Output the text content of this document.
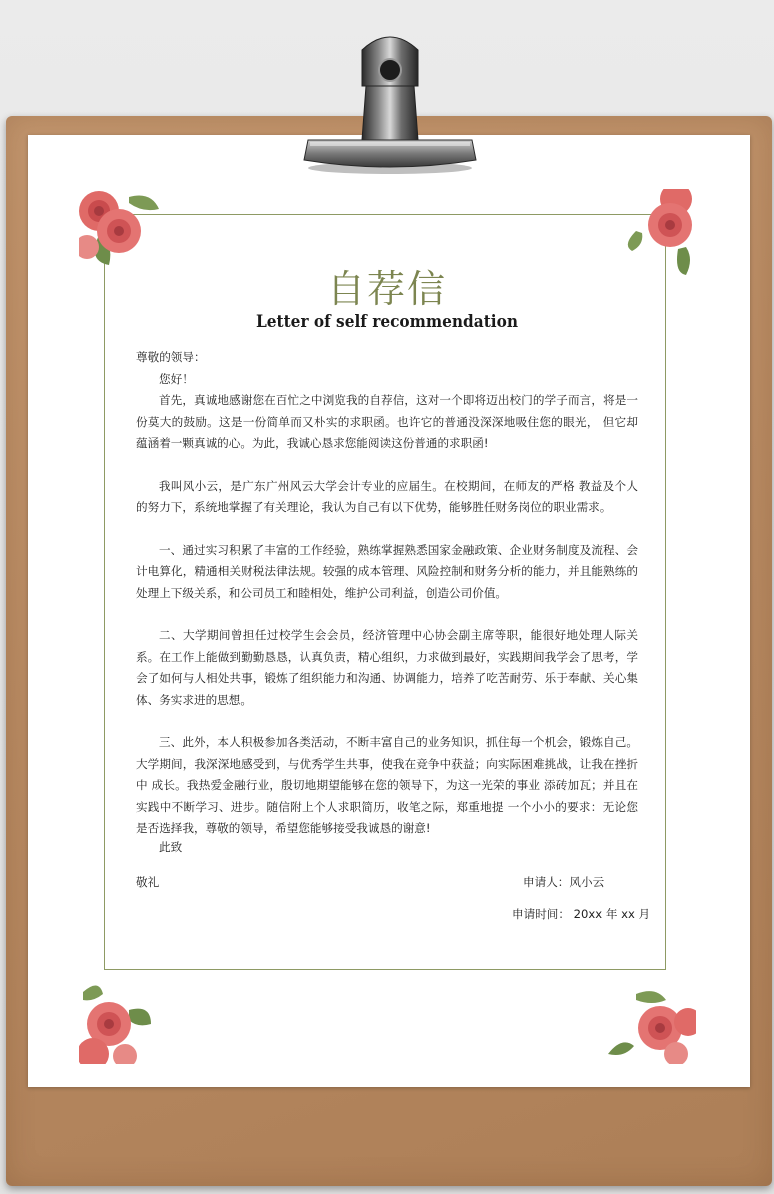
自荐信
Letter of self recommendation

尊敬的领导：

您好！

首先，真诚地感谢您在百忙之中浏览我的自荐信，这对一个即将迈出校门的学子而言，将是一份莫大的鼓励。这是一份简单而又朴实的求职函。也许它的普通没深深地吸住您的眼光， 但它却蕴涵着一颗真诚的心。为此，我诚心恳求您能阅读这份普通的求职函!

我叫风小云，是广东广州风云大学会计专业的应届生。在校期间，在师友的严格 教益及个人的努力下，系统地掌握了有关理论，我认为自己有以下优势，能够胜任财务岗位的职业需求。

一、通过实习积累了丰富的工作经验，熟练掌握熟悉国家金融政策、企业财务制度及流程、会计电算化，精通相关财税法律法规。较强的成本管理、风险控制和财务分析的能力，并且能熟练的处理上下级关系，和公司员工和睦相处，维护公司利益，创造公司价值。

二、大学期间曾担任过校学生会会员，经济管理中心协会副主席等职，能很好地处理人际关系。在工作上能做到勤勤恳恳，认真负责，精心组织，力求做到最好，实践期间我学会了思考，学会了如何与人相处共事，锻炼了组织能力和沟通、协调能力，培养了吃苦耐劳、乐于奉献、关心集体、务实求进的思想。

三、此外，本人积极参加各类活动，不断丰富自己的业务知识，抓住每一个机会，锻炼自己。大学期间，我深深地感受到，与优秀学生共事，使我在竞争中获益；向实际困难挑战，让我在挫折中 成长。我热爱金融行业，殷切地期望能够在您的领导下，为这一光荣的事业 添砖加瓦；并且在实践中不断学习、进步。随信附上个人求职简历，收笔之际，郑重地提 一个小小的要求：无论您是否选择我，尊敬的领导，希望您能够接受我诚恳的谢意!

此致
敬礼	申请人：风小云
申请时间： 20xx 年 xx 月
